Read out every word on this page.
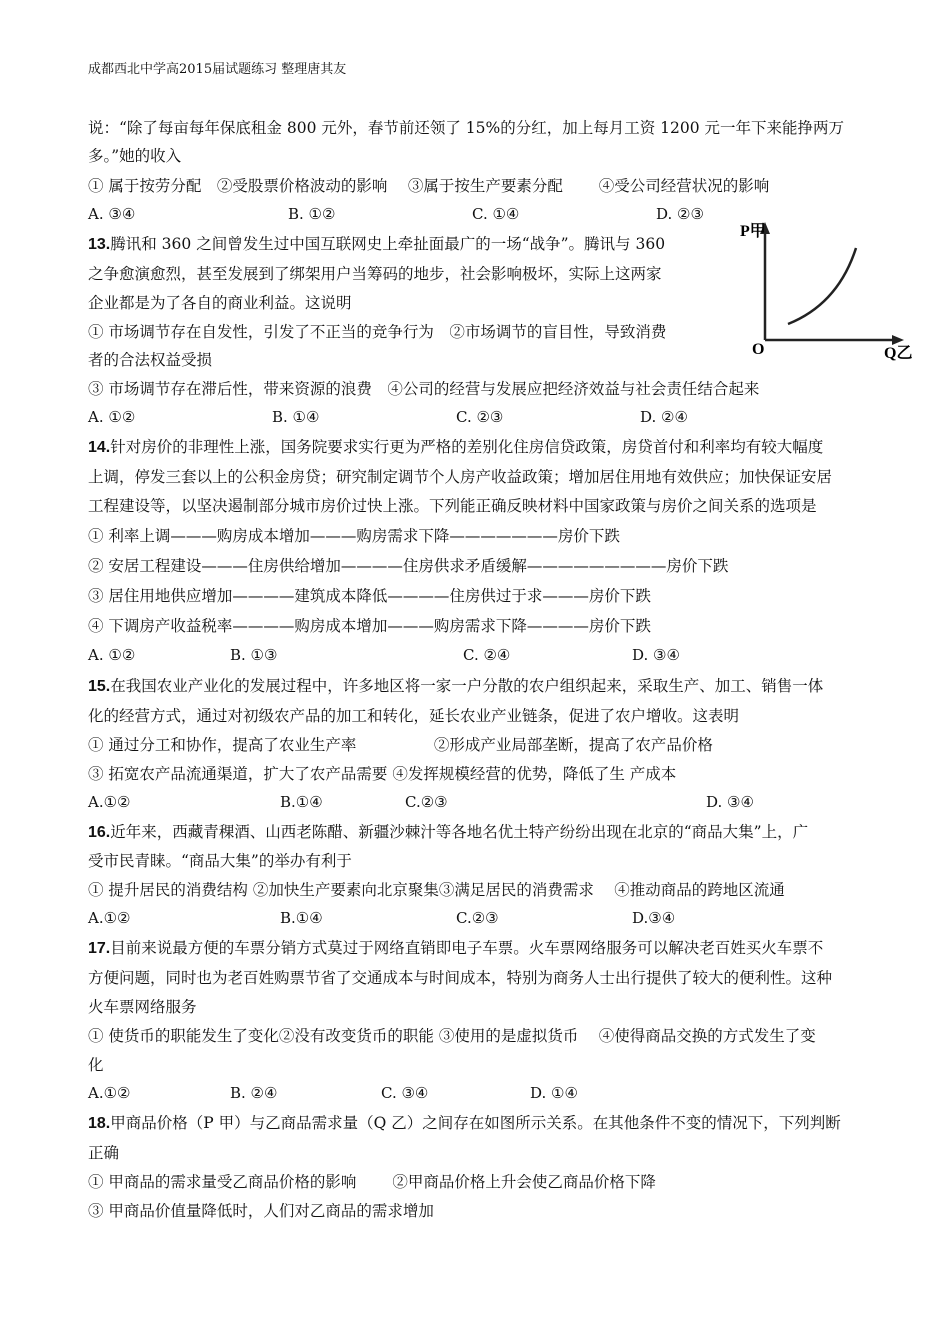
成都西北中学高2015届试题练习 整理唐其友
说：“除了每亩每年保底租金 800 元外，春节前还领了 15%的分红，加上每月工资 1200 元一年下来能挣两万
多。”她的收入
① 属于按劳分配　②受股票价格波动的影响　 ③属于按生产要素分配　　 ④受公司经营状况的影响
A. ③④	B. ①②	C. ①④	D. ②③
13.腾讯和 360 之间曾发生过中国互联网史上牵扯面最广的一场“战争”。腾讯与 360
之争愈演愈烈，甚至发展到了绑架用户当筹码的地步，社会影响极坏，实际上这两家
企业都是为了各自的商业利益。这说明
① 市场调节存在自发性，引发了不正当的竞争行为　②市场调节的盲目性，导致消费
者的合法权益受损
③ 市场调节存在滞后性，带来资源的浪费　④公司的经营与发展应把经济效益与社会责任结合起来
A. ①②	B. ①④	C. ②③	D. ②④
P甲
Q乙
O
14.针对房价的非理性上涨，国务院要求实行更为严格的差别化住房信贷政策，房贷首付和利率均有较大幅度
上调，停发三套以上的公积金房贷；研究制定调节个人房产收益政策；增加居住用地有效供应；加快保证安居
工程建设等，以坚决遏制部分城市房价过快上涨。下列能正确反映材料中国家政策与房价之间关系的选项是
① 利率上调———购房成本增加———购房需求下降———————房价下跌
② 安居工程建设———住房供给增加————住房供求矛盾缓解—————————房价下跌
③ 居住用地供应增加————建筑成本降低————住房供过于求———房价下跌
④ 下调房产收益税率————购房成本增加———购房需求下降————房价下跌
A. ①②	B. ①③	C. ②④	D. ③④
15.在我国农业产业化的发展过程中，许多地区将一家一户分散的农户组织起来，采取生产、加工、销售一体
化的经营方式，通过对初级农产品的加工和转化，延长农业产业链条，促进了农户增收。这表明
① 通过分工和协作，提高了农业生产率　　　　　②形成产业局部垄断，提高了农产品价格
③ 拓宽农产品流通渠道，扩大了农产品需要 ④发挥规模经营的优势，降低了生 产成本
A.①②	B.①④	C.②③	D. ③④
16.近年来，西藏青稞酒、山西老陈醋、新疆沙棘汁等各地名优土特产纷纷出现在北京的“商品大集”上，广
受市民青睐。“商品大集”的举办有利于
① 提升居民的消费结构 ②加快生产要素向北京聚集③满足居民的消费需求　 ④推动商品的跨地区流通
A.①②	B.①④	C.②③	D.③④
17.目前来说最方便的车票分销方式莫过于网络直销即电子车票。火车票网络服务可以解决老百姓买火车票不
方便问题，同时也为老百姓购票节省了交通成本与时间成本，特别为商务人士出行提供了较大的便利性。这种
火车票网络服务
① 使货币的职能发生了变化②没有改变货币的职能 ③使用的是虚拟货币　 ④使得商品交换的方式发生了变
化
A.①②	B. ②④	C. ③④	D. ①④
18.甲商品价格（P 甲）与乙商品需求量（Q 乙）之间存在如图所示关系。在其他条件不变的情况下，下列判断
正确
① 甲商品的需求量受乙商品价格的影响　　 ②甲商品价格上升会使乙商品价格下降
③ 甲商品价值量降低时，人们对乙商品的需求增加
